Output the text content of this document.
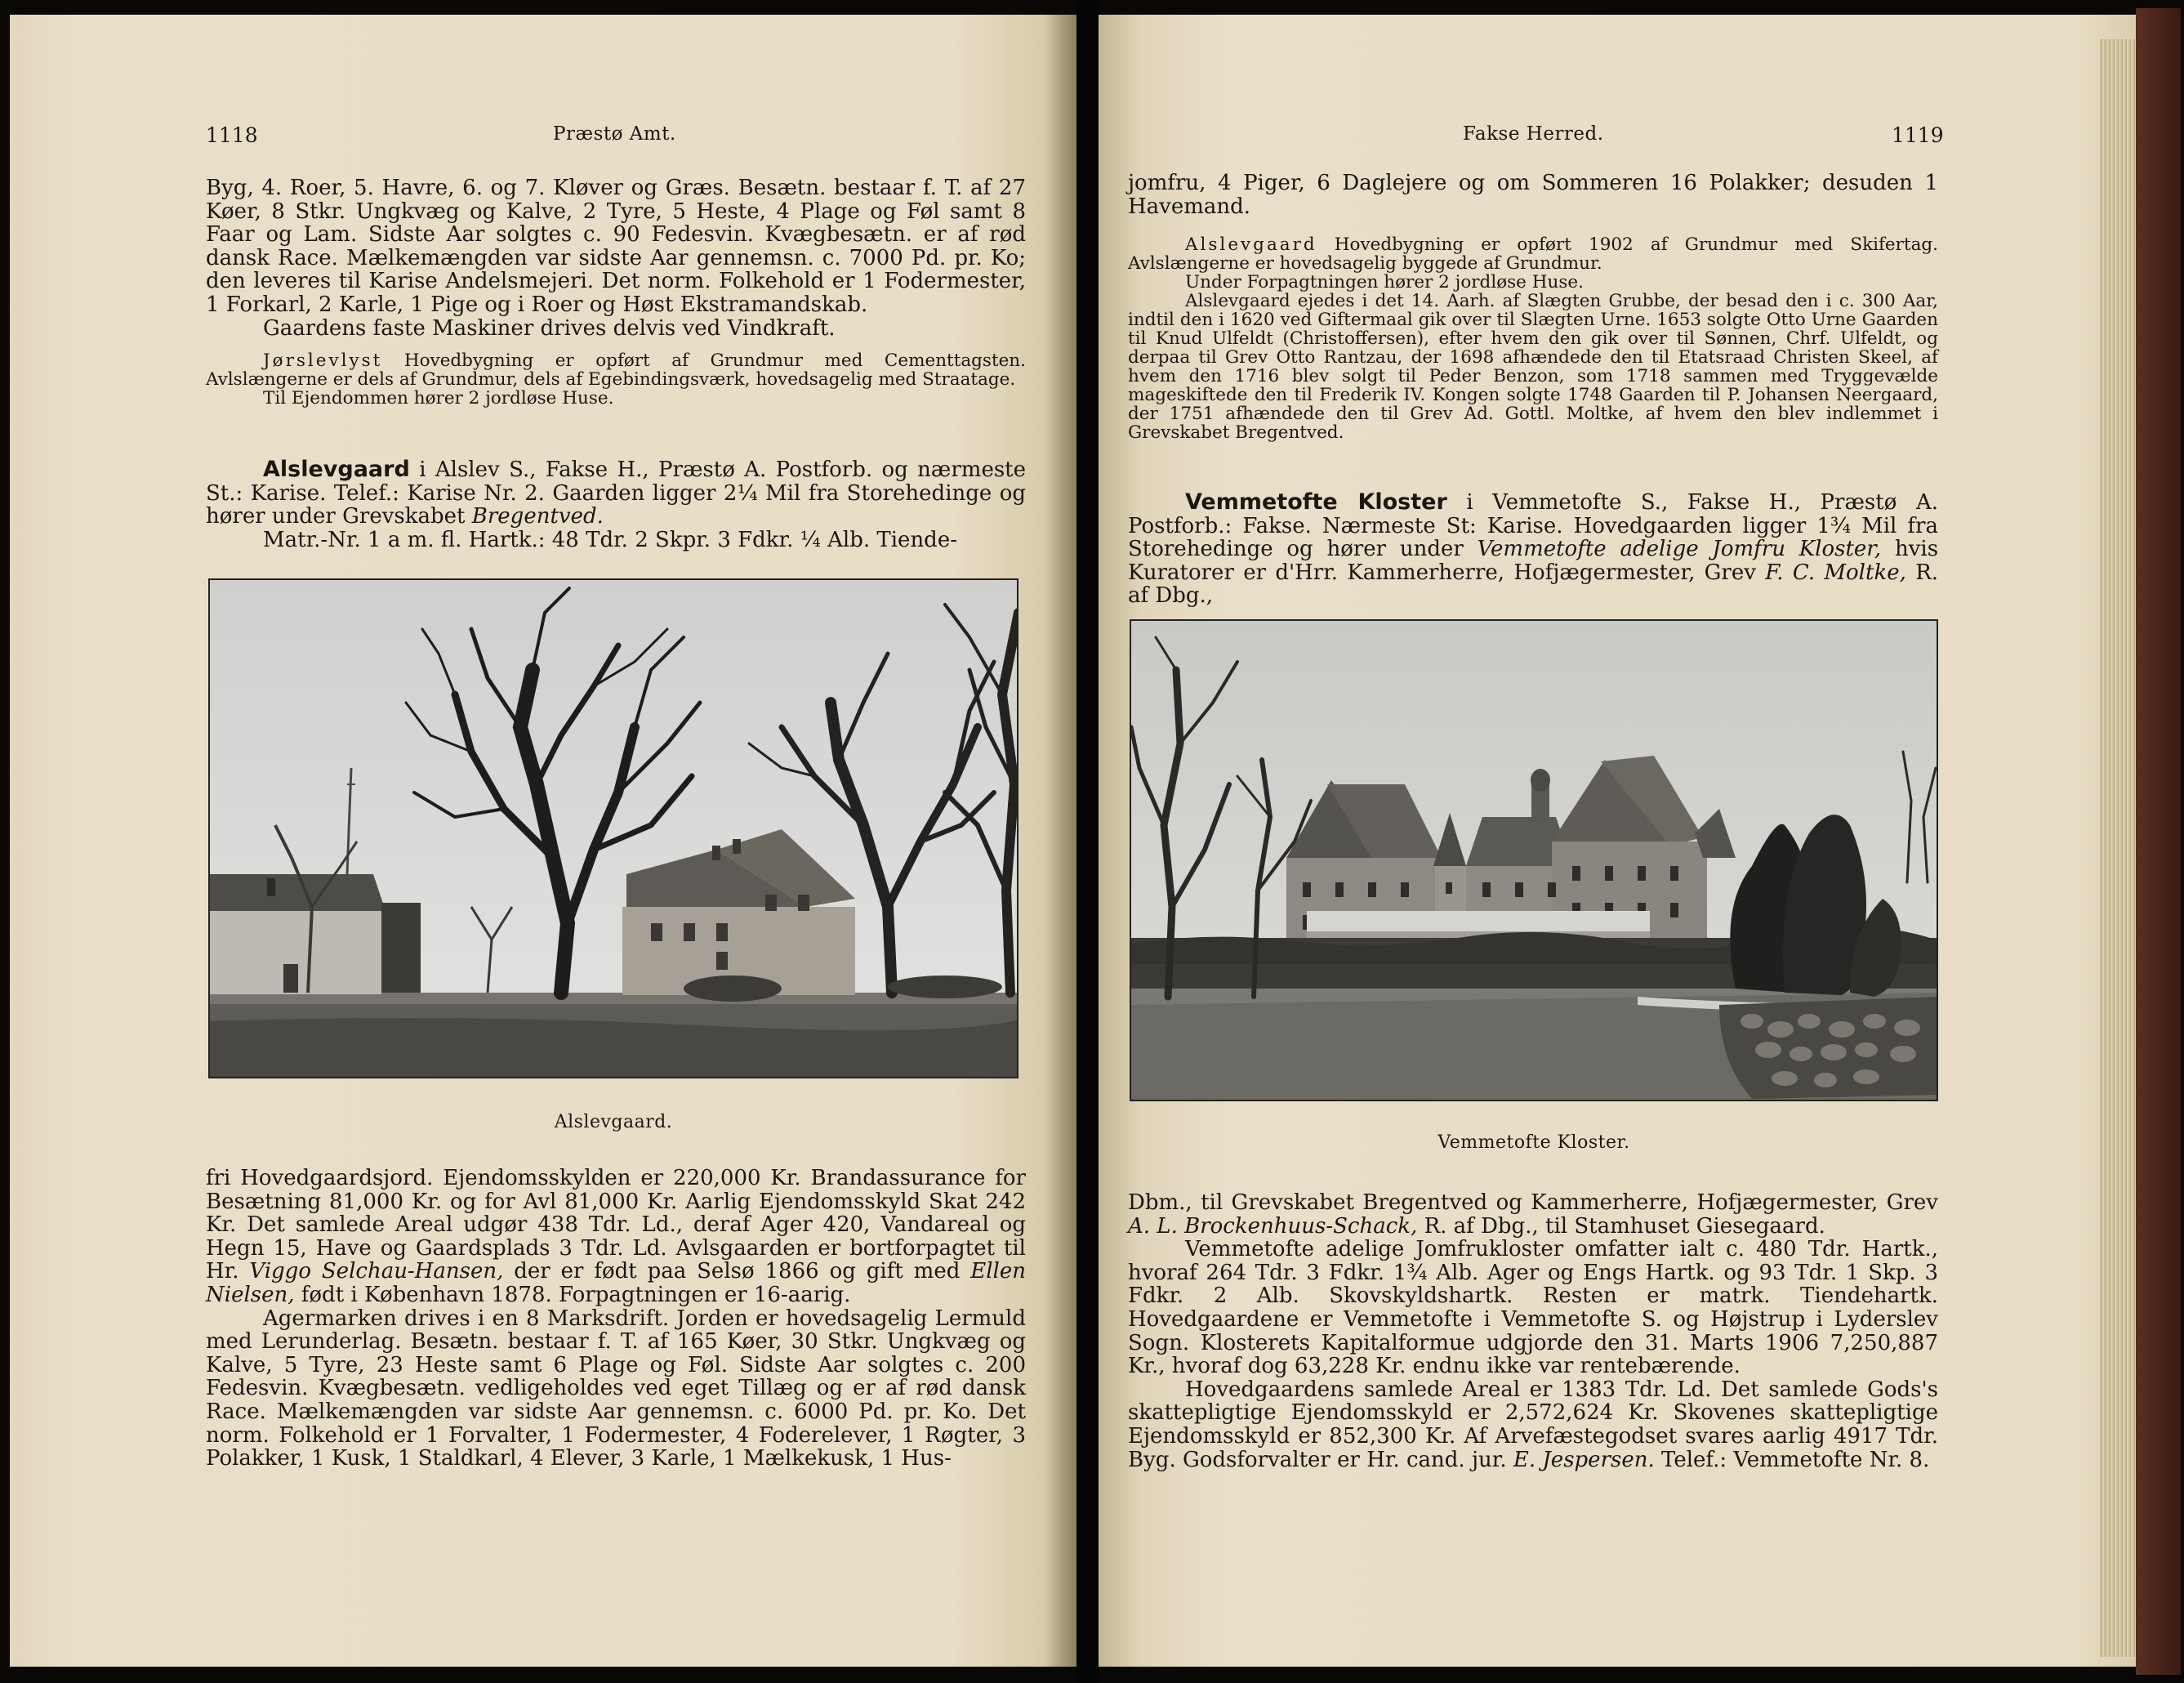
1118	Præstø Amt.

Byg, 4. Roer, 5. Havre, 6. og 7. Kløver og Græs. Besætn. bestaar f. T. af 27 Køer, 8 Stkr. Ungkvæg og Kalve, 2 Tyre, 5 Heste, 4 Plage og Føl samt 8 Faar og Lam. Sidste Aar solgtes c. 90 Fedesvin. Kvægbesætn. er af rød dansk Race. Mælkemængden var sidste Aar gennemsn. c. 7000 Pd. pr. Ko; den leveres til Karise Andelsmejeri. Det norm. Folkehold er 1 Fodermester, 1 Forkarl, 2 Karle, 1 Pige og i Roer og Høst Ekstramandskab.

Gaardens faste Maskiner drives delvis ved Vindkraft.

Jørslevlyst Hovedbygning er opført af Grundmur med Cementtagsten. Avlslængerne er dels af Grundmur, dels af Egebindingsværk, hovedsagelig med Straatage.

Til Ejendommen hører 2 jordløse Huse.

Alslevgaard i Alslev S., Fakse H., Præstø A. Postforb. og nærmeste St.: Karise. Telef.: Karise Nr. 2. Gaarden ligger 2¼ Mil fra Storehedinge og hører under Grevskabet Bregentved.

Matr.-Nr. 1 a m. fl. Hartk.: 48 Tdr. 2 Skpr. 3 Fdkr. ¼ Alb. Tiende-

Alslevgaard.

fri Hovedgaardsjord. Ejendomsskylden er 220,000 Kr. Brandassurance for Besætning 81,000 Kr. og for Avl 81,000 Kr. Aarlig Ejendomsskyld Skat 242 Kr. Det samlede Areal udgør 438 Tdr. Ld., deraf Ager 420, Vandareal og Hegn 15, Have og Gaardsplads 3 Tdr. Ld. Avlsgaarden er bortforpagtet til Hr. Viggo Selchau-Hansen, der er født paa Selsø 1866 og gift med Ellen Nielsen, født i København 1878. Forpagtningen er 16-aarig.

Agermarken drives i en 8 Marksdrift. Jorden er hovedsagelig Lermuld med Lerunderlag. Besætn. bestaar f. T. af 165 Køer, 30 Stkr. Ungkvæg og Kalve, 5 Tyre, 23 Heste samt 6 Plage og Føl. Sidste Aar solgtes c. 200 Fedesvin. Kvægbesætn. vedligeholdes ved eget Tillæg og er af rød dansk Race. Mælkemængden var sidste Aar gennemsn. c. 6000 Pd. pr. Ko. Det norm. Folkehold er 1 Forvalter, 1 Fodermester, 4 Foderelever, 1 Røgter, 3 Polakker, 1 Kusk, 1 Staldkarl, 4 Elever, 3 Karle, 1 Mælkekusk, 1 Hus-

Fakse Herred.	1119

jomfru, 4 Piger, 6 Daglejere og om Sommeren 16 Polakker; desuden 1 Havemand.

Alslevgaard Hovedbygning er opført 1902 af Grundmur med Skifertag. Avlslængerne er hovedsagelig byggede af Grundmur.

Under Forpagtningen hører 2 jordløse Huse.

Alslevgaard ejedes i det 14. Aarh. af Slægten Grubbe, der besad den i c. 300 Aar, indtil den i 1620 ved Giftermaal gik over til Slægten Urne. 1653 solgte Otto Urne Gaarden til Knud Ulfeldt (Christoffersen), efter hvem den gik over til Sønnen, Chrf. Ulfeldt, og derpaa til Grev Otto Rantzau, der 1698 afhændede den til Etatsraad Christen Skeel, af hvem den 1716 blev solgt til Peder Benzon, som 1718 sammen med Tryggevælde mageskiftede den til Frederik IV. Kongen solgte 1748 Gaarden til P. Johansen Neergaard, der 1751 afhændede den til Grev Ad. Gottl. Moltke, af hvem den blev indlemmet i Grevskabet Bregentved.

Vemmetofte Kloster i Vemmetofte S., Fakse H., Præstø A. Postforb.: Fakse. Nærmeste St: Karise. Hovedgaarden ligger 1¾ Mil fra Storehedinge og hører under Vemmetofte adelige Jomfru Kloster, hvis Kuratorer er d'Hrr. Kammerherre, Hofjægermester, Grev F. C. Moltke, R. af Dbg.,

Vemmetofte Kloster.

Dbm., til Grevskabet Bregentved og Kammerherre, Hofjægermester, Grev A. L. Brockenhuus-Schack, R. af Dbg., til Stamhuset Giesegaard.

Vemmetofte adelige Jomfrukloster omfatter ialt c. 480 Tdr. Hartk., hvoraf 264 Tdr. 3 Fdkr. 1¾ Alb. Ager og Engs Hartk. og 93 Tdr. 1 Skp. 3 Fdkr. 2 Alb. Skovskyldshartk. Resten er matrk. Tiendehartk. Hovedgaardene er Vemmetofte i Vemmetofte S. og Højstrup i Lyderslev Sogn. Klosterets Kapitalformue udgjorde den 31. Marts 1906 7,250,887 Kr., hvoraf dog 63,228 Kr. endnu ikke var rentebærende.

Hovedgaardens samlede Areal er 1383 Tdr. Ld. Det samlede Gods's skattepligtige Ejendomsskyld er 2,572,624 Kr. Skovenes skattepligtige Ejendomsskyld er 852,300 Kr. Af Arvefæstegodset svares aarlig 4917 Tdr. Byg. Godsforvalter er Hr. cand. jur. E. Jespersen. Telef.: Vemmetofte Nr. 8.
